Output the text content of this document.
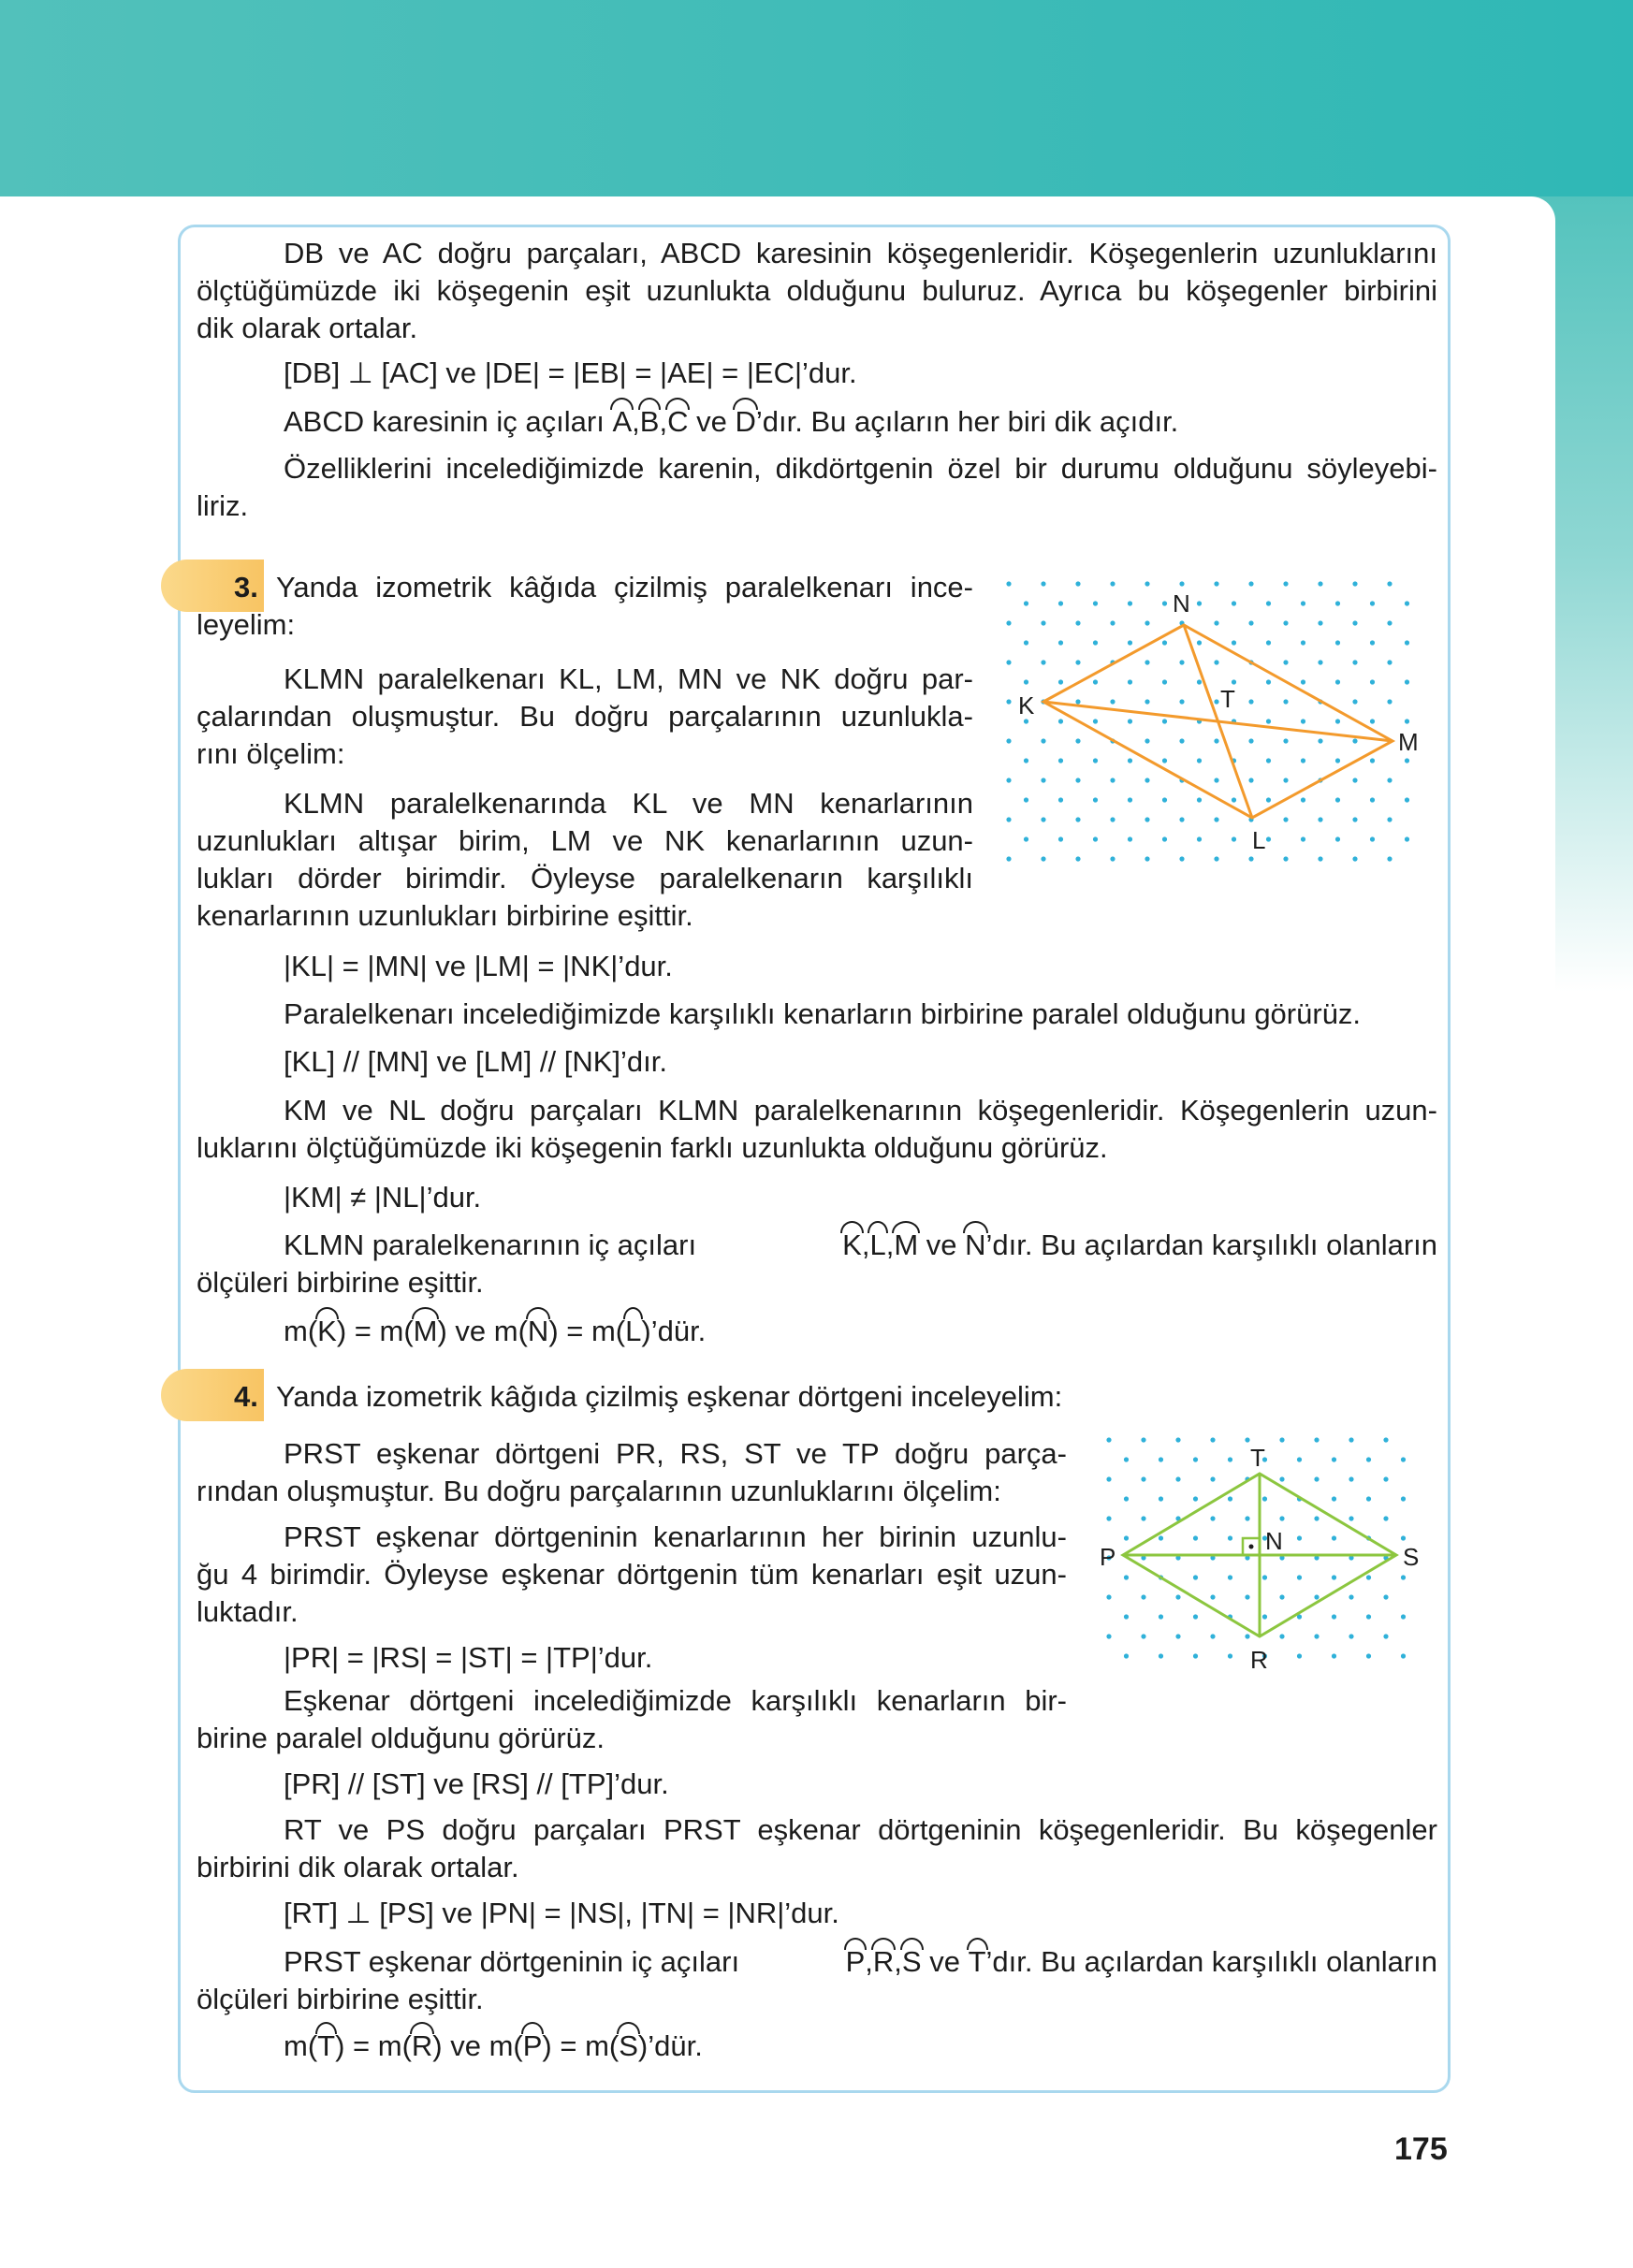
DB ve AC doğru parçaları, ABCD karesinin köşegenleridir. Köşegenlerin uzunluklarını
ölçtüğümüzde iki köşegenin eşit uzunlukta olduğunu buluruz. Ayrıca bu köşegenler birbirini
dik olarak ortalar.
[DB] ⊥ [AC] ve |DE| = |EB| = |AE| = |EC|’dur.
ABCD karesinin iç açıları A,B,C ve D’dır. Bu açıların her biri dik açıdır.
Özelliklerini incelediğimizde karenin, dikdörtgenin özel bir durumu olduğunu söyleyebi-
liriz.
3. Yanda izometrik kâğıda çizilmiş paralelkenarı ince-
leyelim:
KLMN paralelkenarı KL, LM, MN ve NK doğru par-
çalarından oluşmuştur. Bu doğru parçalarının uzunlukla-
rını ölçelim:
KLMN paralelkenarında KL ve MN kenarlarının
uzunlukları altışar birim, LM ve NK kenarlarının uzun-
lukları dörder birimdir. Öyleyse paralelkenarın karşılıklı
kenarlarının uzunlukları birbirine eşittir.
|KL| = |MN| ve |LM| = |NK|’dur.
Paralelkenarı incelediğimizde karşılıklı kenarların birbirine paralel olduğunu görürüz.
[KL] // [MN] ve [LM] // [NK]’dır.
KM ve NL doğru parçaları KLMN paralelkenarının köşegenleridir. Köşegenlerin uzun-
luklarını ölçtüğümüzde iki köşegenin farklı uzunlukta olduğunu görürüz.
|KM| ≠ |NL|’dur.
KLMN paralelkenarının iç açıları	K,L,M ve N’dır. Bu açılardan karşılıklı olanların
ölçüleri birbirine eşittir.
m(K) = m(M) ve m(N) = m(L)’dür.
N
K
M
L
T
4. Yanda izometrik kâğıda çizilmiş eşkenar dörtgeni inceleyelim:
PRST eşkenar dörtgeni PR, RS, ST ve TP doğru parça-
rından oluşmuştur. Bu doğru parçalarının uzunluklarını ölçelim:
PRST eşkenar dörtgeninin kenarlarının her birinin uzunlu-
ğu 4 birimdir. Öyleyse eşkenar dörtgenin tüm kenarları eşit uzun-
luktadır.
|PR| = |RS| = |ST| = |TP|’dur.
Eşkenar dörtgeni incelediğimizde karşılıklı kenarların bir-
birine paralel olduğunu görürüz.
[PR] // [ST] ve [RS] // [TP]’dur.
RT ve PS doğru parçaları PRST eşkenar dörtgeninin köşegenleridir. Bu köşegenler
birbirini dik olarak ortalar.
[RT] ⊥ [PS] ve |PN| = |NS|, |TN| = |NR|’dur.
PRST eşkenar dörtgeninin iç açıları	P,R,S ve T’dır. Bu açılardan karşılıklı olanların
ölçüleri birbirine eşittir.
m(T) = m(R) ve m(P) = m(S)’dür.
T
P	S
R
N
175
